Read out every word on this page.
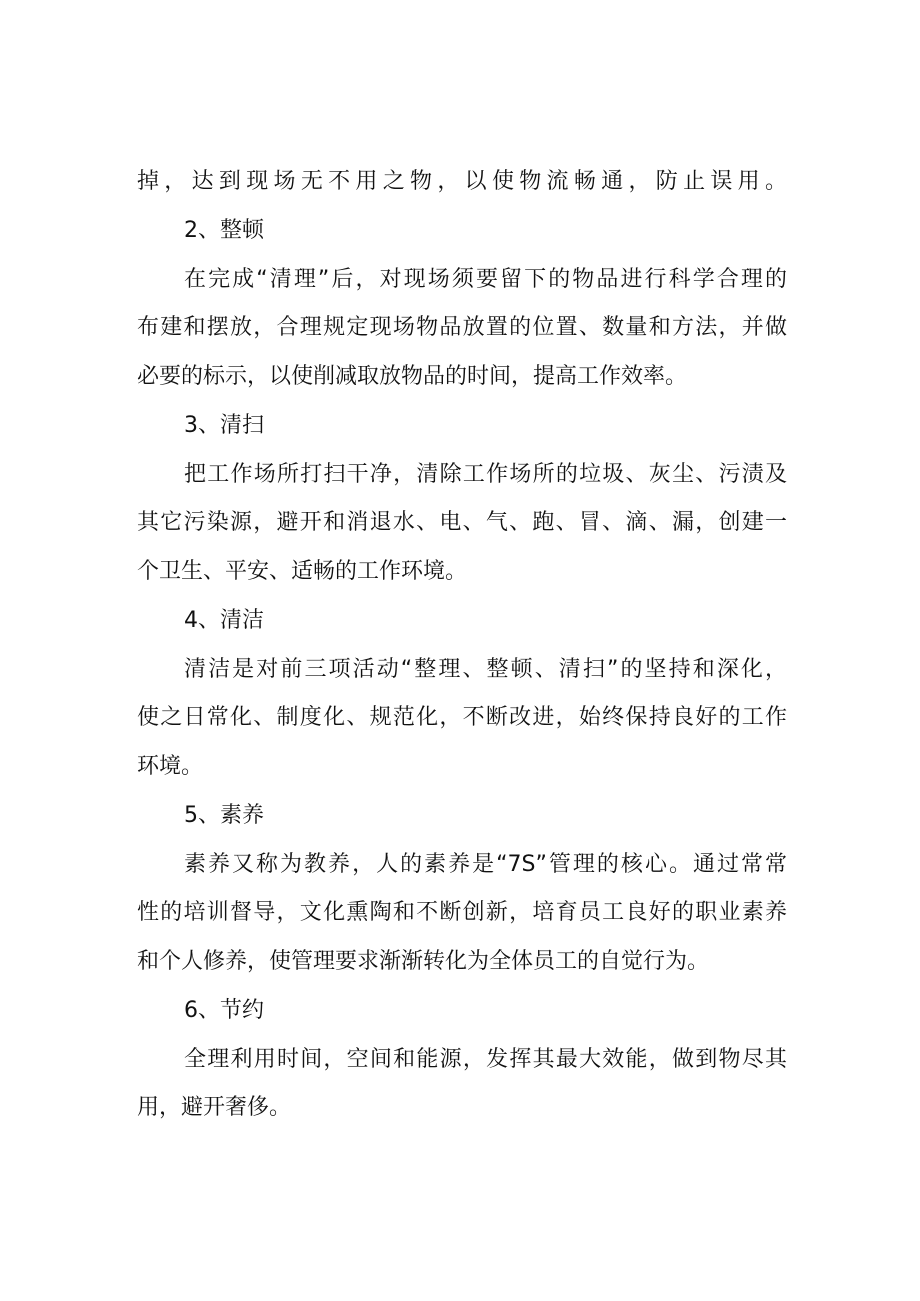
掉，达到现场无不用之物，以使物流畅通，防止误用。
2、整顿
在完成“清理”后，对现场须要留下的物品进行科学合理的
布建和摆放，合理规定现场物品放置的位置、数量和方法，并做
必要的标示，以使削减取放物品的时间，提高工作效率。
3、清扫
把工作场所打扫干净，清除工作场所的垃圾、灰尘、污渍及
其它污染源，避开和消退水、电、气、跑、冒、滴、漏，创建一
个卫生、平安、适畅的工作环境。
4、清洁
清洁是对前三项活动“整理、整顿、清扫”的坚持和深化，
使之日常化、制度化、规范化，不断改进，始终保持良好的工作
环境。
5、素养
素养又称为教养，人的素养是“7S”管理的核心。通过常常
性的培训督导，文化熏陶和不断创新，培育员工良好的职业素养
和个人修养，使管理要求渐渐转化为全体员工的自觉行为。
6、节约
全理利用时间，空间和能源，发挥其最大效能，做到物尽其
用，避开奢侈。
